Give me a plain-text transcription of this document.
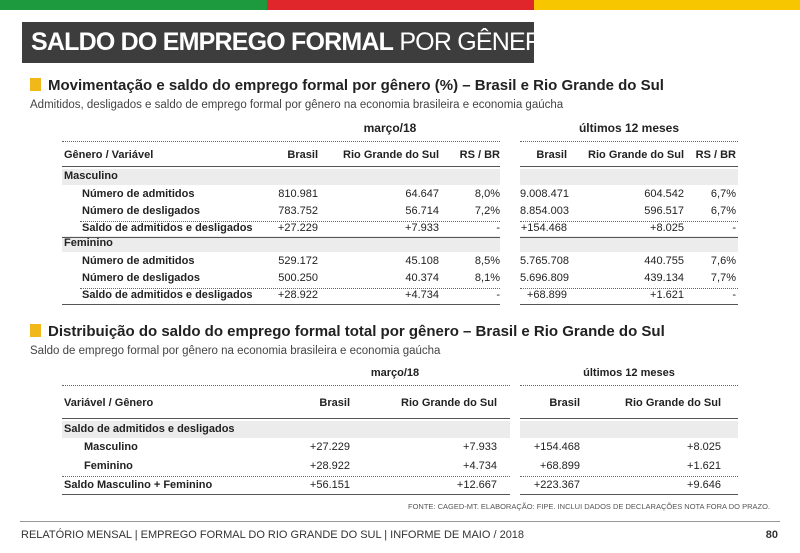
SALDO DO EMPREGO FORMAL POR GÊNERO
Movimentação e saldo do emprego formal por gênero (%) – Brasil e Rio Grande do Sul
Admitidos, desligados e saldo de emprego formal por gênero na economia brasileira e economia gaúcha
março/18	últimos 12 meses
Gênero / Variável	Brasil	Rio Grande do Sul	RS / BR	Brasil	Rio Grande do Sul	RS / BR
Masculino
Número de admitidos	810.981	64.647	8,0% 9.008.471	604.542	6,7%
Número de desligados	783.752	56.714	7,2% 8.854.003	596.517	6,7%
Saldo de admitidos e desligados	+27.229	+7.933	- +154.468	+8.025	-
Feminino
Número de admitidos	529.172	45.108	8,5% 5.765.708	440.755	7,6%
Número de desligados	500.250	40.374	8,1% 5.696.809	439.134	7,7%
Saldo de admitidos e desligados	+28.922	+4.734	-	+68.899	+1.621	-
Distribuição do saldo do emprego formal total por gênero – Brasil e Rio Grande do Sul
Saldo de emprego formal por gênero na economia brasileira e economia gaúcha
março/18	últimos 12 meses
Variável / Gênero	Brasil	Rio Grande do Sul	Brasil	Rio Grande do Sul
Saldo de admitidos e desligados
Masculino	+27.229	+7.933	+154.468	+8.025
Feminino	+28.922	+4.734	+68.899	+1.621
Saldo Masculino + Feminino	+56.151	+12.667	+223.367	+9.646
FONTE: CAGED-MT. ELABORAÇÃO: FIPE. INCLUI DADOS DE DECLARAÇÕES NOTA FORA DO PRAZO.
RELATÓRIO MENSAL | EMPREGO FORMAL DO RIO GRANDE DO SUL | INFORME DE MAIO / 2018	80
